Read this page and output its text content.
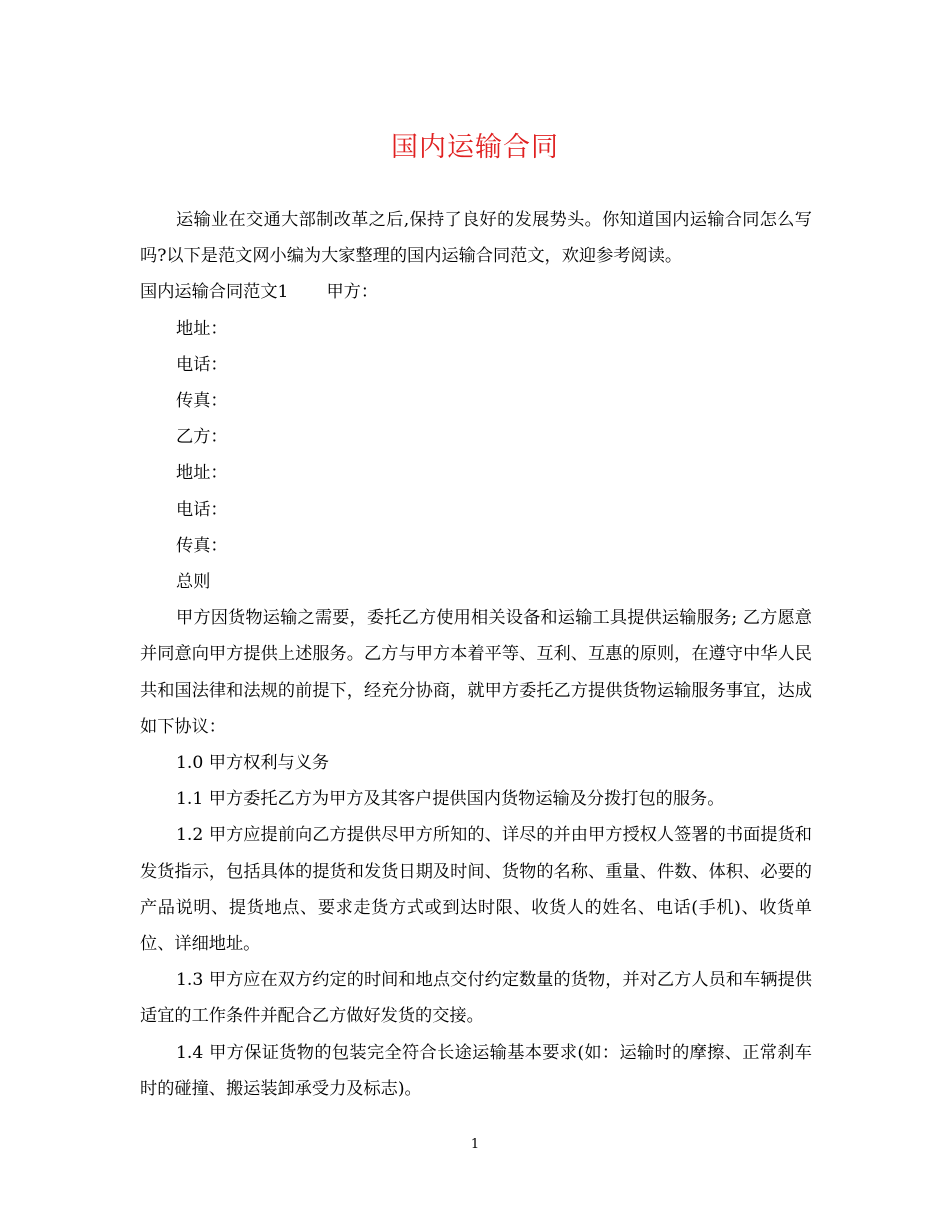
国内运输合同

运输业在交通大部制改革之后,保持了良好的发展势头。你知道国内运输合同怎么写吗?以下是范文网小编为大家整理的国内运输合同范文，欢迎参考阅读。

国内运输合同范文1 甲方：

地址：

电话：

传真：

乙方：

地址：

电话：

传真：

总则

甲方因货物运输之需要，委托乙方使用相关设备和运输工具提供运输服务; 乙方愿意并同意向甲方提供上述服务。乙方与甲方本着平等、互利、互惠的原则，在遵守中华人民共和国法律和法规的前提下，经充分协商，就甲方委托乙方提供货物运输服务事宜，达成如下协议：

1.0 甲方权利与义务

1.1 甲方委托乙方为甲方及其客户提供国内货物运输及分拨打包的服务。

1.2 甲方应提前向乙方提供尽甲方所知的、详尽的并由甲方授权人签署的书面提货和发货指示，包括具体的提货和发货日期及时间、货物的名称、重量、件数、体积、必要的产品说明、提货地点、要求走货方式或到达时限、收货人的姓名、电话(手机)、收货单位、详细地址。

1.3 甲方应在双方约定的时间和地点交付约定数量的货物，并对乙方人员和车辆提供适宜的工作条件并配合乙方做好发货的交接。

1.4 甲方保证货物的包装完全符合长途运输基本要求(如：运输时的摩擦、正常刹车时的碰撞、搬运装卸承受力及标志)。

1
